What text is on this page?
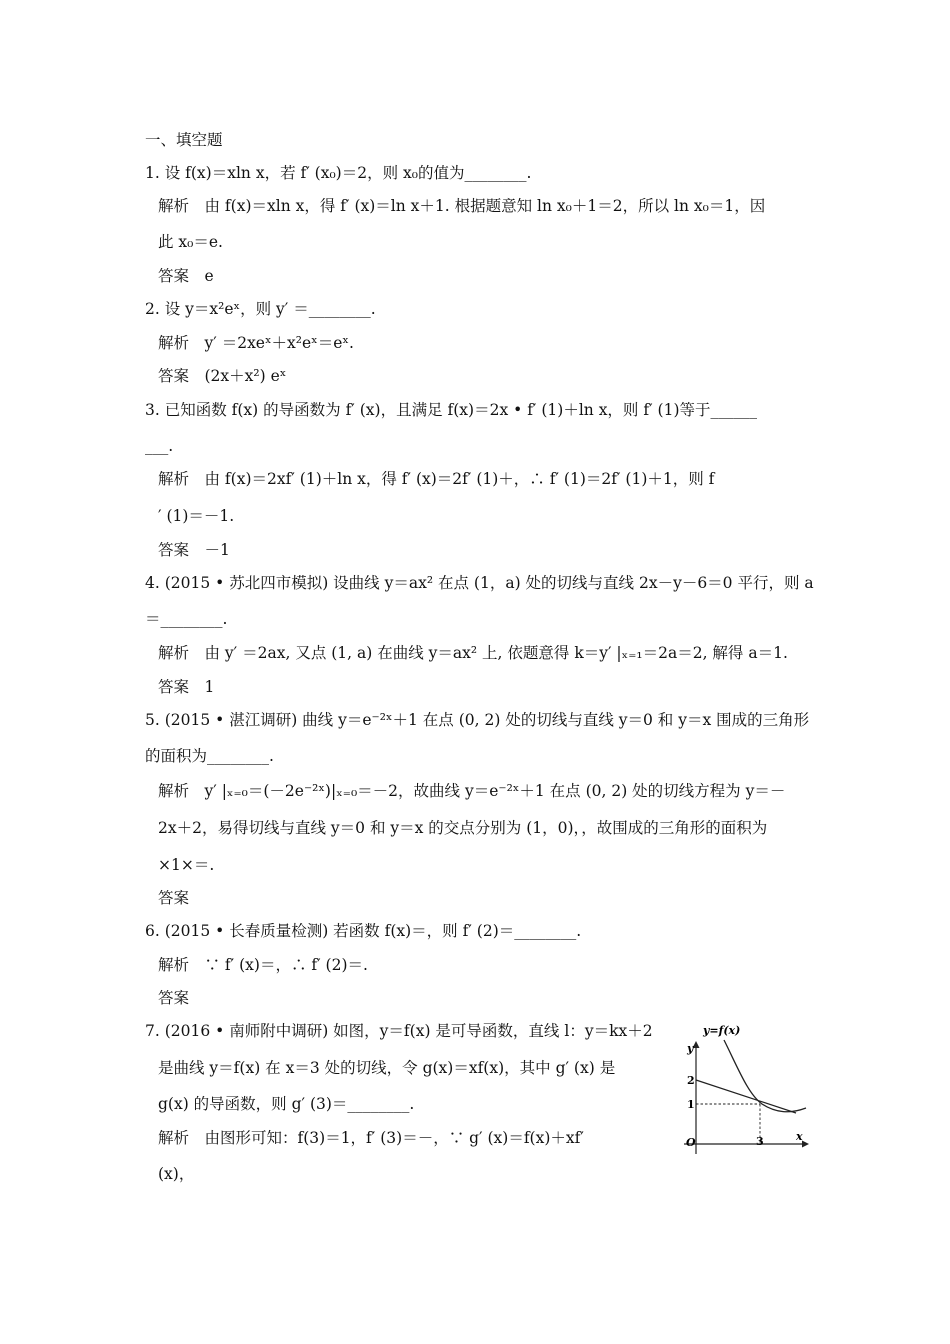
一、填空题
1. 设 f(x)＝xln x，若 f′ (x₀)＝2，则 x₀的值为________.
解析　由 f(x)＝xln x，得 f′ (x)＝ln x＋1. 根据题意知 ln x₀＋1＝2，所以 ln x₀＝1，因
此 x₀＝e.
答案　e
2. 设 y＝x²eˣ，则 y′ ＝________.
解析　y′ ＝2xeˣ＋x²eˣ＝eˣ.
答案　(2x＋x²) eˣ
3. 已知函数 f(x) 的导函数为 f′ (x)，且满足 f(x)＝2x • f′ (1)＋ln x，则 f′ (1)等于______
___.
解析　由 f(x)＝2xf′ (1)＋ln x，得 f′ (x)＝2f′ (1)＋，∴ f′ (1)＝2f′ (1)＋1，则 f
′ (1)＝－1.
答案　－1
4. (2015 • 苏北四市模拟) 设曲线 y＝ax² 在点 (1，a) 处的切线与直线 2x－y－6＝0 平行，则 a
＝________.
解析　由 y′ ＝2ax, 又点 (1, a) 在曲线 y＝ax² 上, 依题意得 k＝y′ |ₓ₌₁＝2a＝2, 解得 a＝1.
答案　1
5. (2015 • 湛江调研) 曲线 y＝e⁻²ˣ＋1 在点 (0, 2) 处的切线与直线 y＝0 和 y＝x 围成的三角形
的面积为________.
解析　y′ |ₓ₌₀＝(－2e⁻²ˣ)|ₓ₌₀＝－2，故曲线 y＝e⁻²ˣ＋1 在点 (0, 2) 处的切线方程为 y＝－
2x＋2，易得切线与直线 y＝0 和 y＝x 的交点分别为 (1，0)，，故围成的三角形的面积为
×1×＝.
答案
6. (2015 • 长春质量检测) 若函数 f(x)＝，则 f′ (2)＝________.
解析　∵ f′ (x)＝，∴ f′ (2)＝.
答案
7. (2016 • 南师附中调研) 如图，y＝f(x) 是可导函数，直线 l：y＝kx＋2
是曲线 y＝f(x) 在 x＝3 处的切线，令 g(x)＝xf(x)，其中 g′ (x) 是
g(x) 的导函数，则 g′ (3)＝________.
解析　由图形可知：f(3)＝1，f′ (3)＝－，∵ g′ (x)＝f(x)＋xf′
(x)，
y=f(x)
y
x
O
2
1
3
